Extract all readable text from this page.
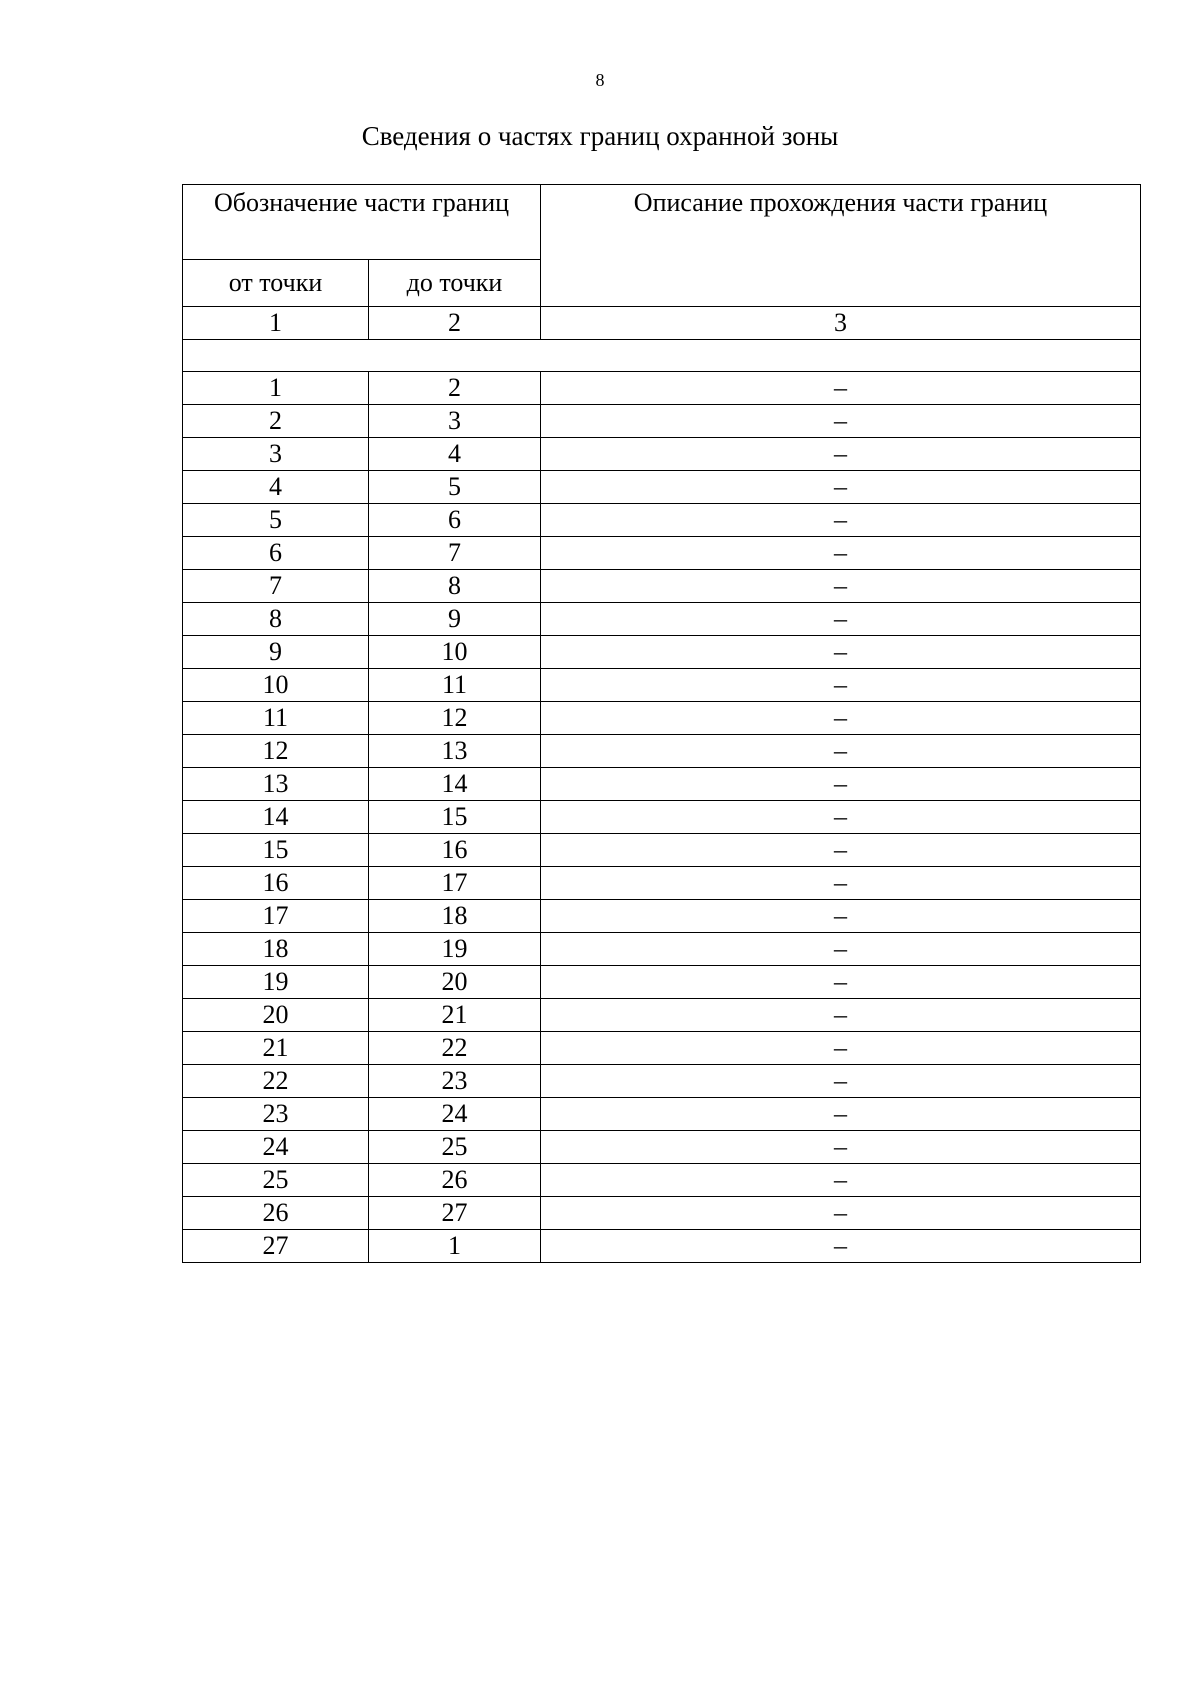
8
Сведения о частях границ охранной зоны
Обозначение части границ		Описание прохождения части границ
от точки	до точки	
1	2	3

1	2	–
2	3	–
3	4	–
4	5	–
5	6	–
6	7	–
7	8	–
8	9	–
9	10	–
10	11	–
11	12	–
12	13	–
13	14	–
14	15	–
15	16	–
16	17	–
17	18	–
18	19	–
19	20	–
20	21	–
21	22	–
22	23	–
23	24	–
24	25	–
25	26	–
26	27	–
27	1	–
